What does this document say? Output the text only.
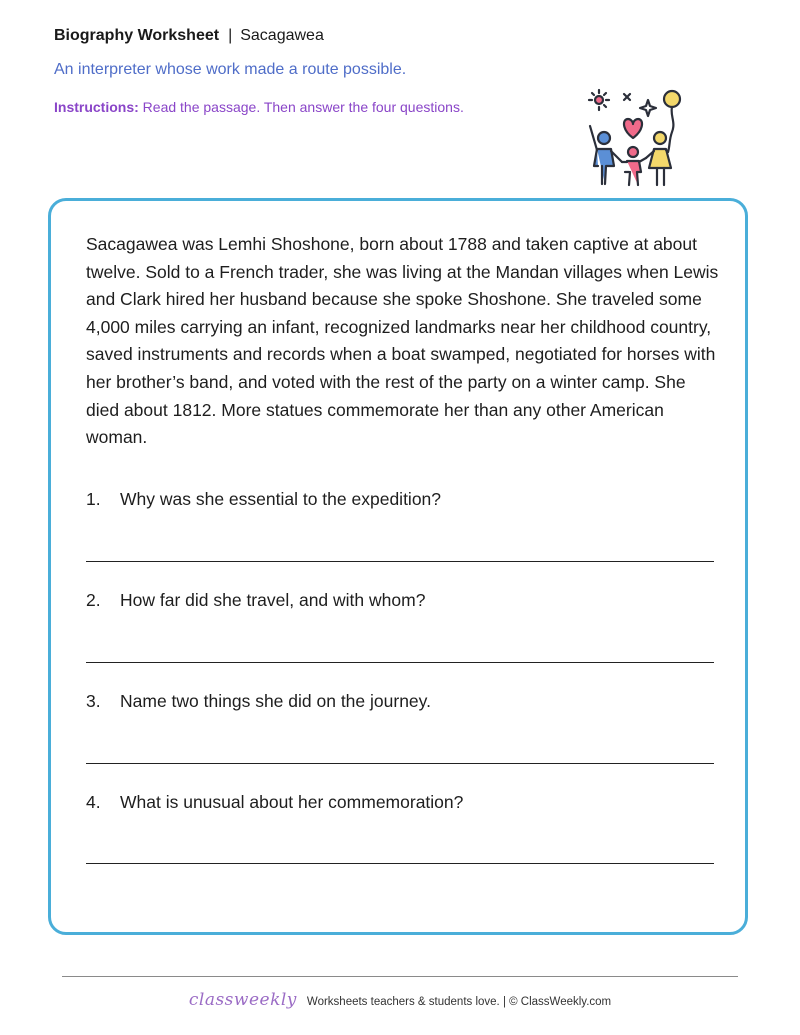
Biography Worksheet | Sacagawea
An interpreter whose work made a route possible.
Instructions: Read the passage. Then answer the four questions.
Sacagawea was Lemhi Shoshone, born about 1788 and taken captive at about twelve. Sold to a French trader, she was living at the Mandan villages when Lewis and Clark hired her husband because she spoke Shoshone. She traveled some 4,000 miles carrying an infant, recognized landmarks near her childhood country, saved instruments and records when a boat swamped, negotiated for horses with her brother’s band, and voted with the rest of the party on a winter camp. She died about 1812. More statues commemorate her than any other American woman.
1. Why was she essential to the expedition?
2. How far did she travel, and with whom?
3. Name two things she did on the journey.
4. What is unusual about her commemoration?
classweekly Worksheets teachers & students love. | © ClassWeekly.com
